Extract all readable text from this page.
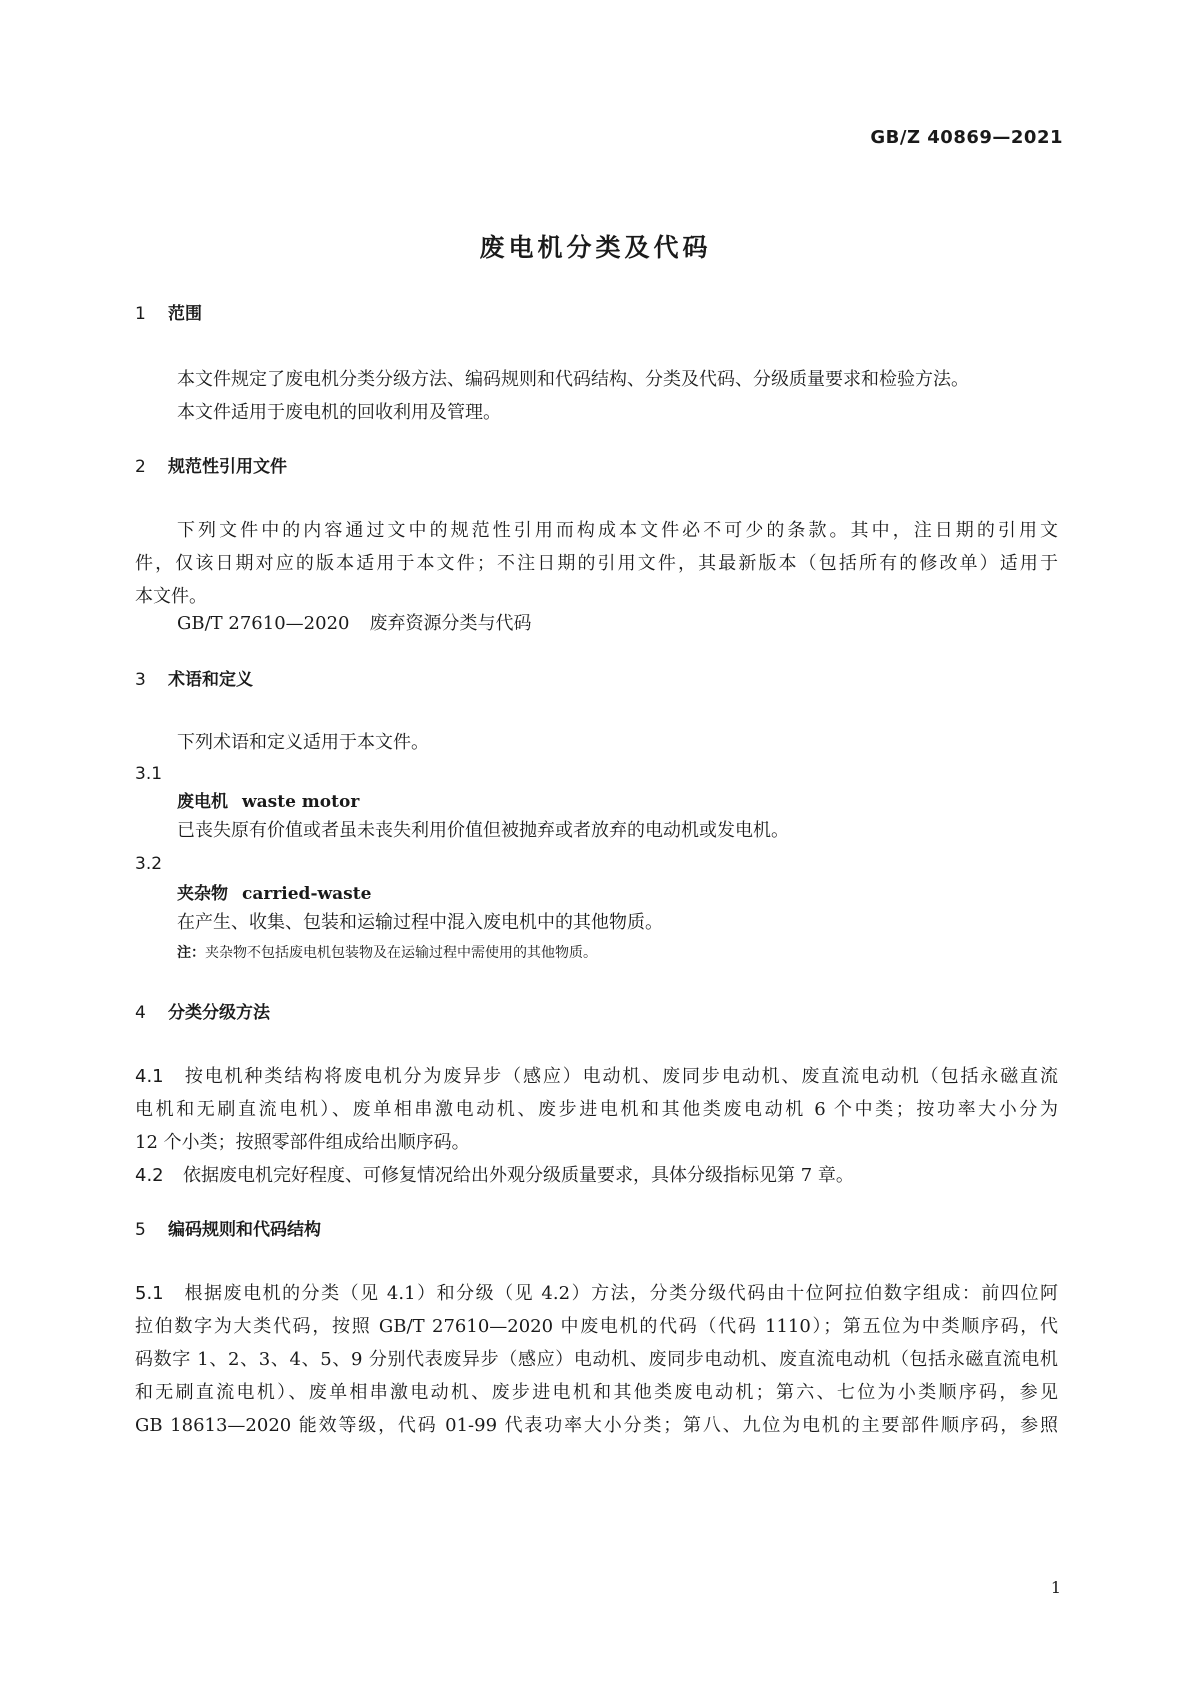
GB/Z 40869—2021
废电机分类及代码
1 范围
本文件规定了废电机分类分级方法、编码规则和代码结构、分类及代码、分级质量要求和检验方法。
本文件适用于废电机的回收利用及管理。
2 规范性引用文件
下列文件中的内容通过文中的规范性引用而构成本文件必不可少的条款。其中，注日期的引用文
件，仅该日期对应的版本适用于本文件；不注日期的引用文件，其最新版本（包括所有的修改单）适用于
本文件。
GB/T 27610—2020 废弃资源分类与代码
3 术语和定义
下列术语和定义适用于本文件。
3.1
废电机 waste motor
已丧失原有价值或者虽未丧失利用价值但被抛弃或者放弃的电动机或发电机。
3.2
夹杂物 carried-waste
在产生、收集、包装和运输过程中混入废电机中的其他物质。
注：夹杂物不包括废电机包装物及在运输过程中需使用的其他物质。
4 分类分级方法
4.1 按电机种类结构将废电机分为废异步（感应）电动机、废同步电动机、废直流电动机（包括永磁直流
电机和无刷直流电机）、废单相串激电动机、废步进电机和其他类废电动机 6 个中类；按功率大小分为
12 个小类；按照零部件组成给出顺序码。
4.2 依据废电机完好程度、可修复情况给出外观分级质量要求，具体分级指标见第 7 章。
5 编码规则和代码结构
5.1 根据废电机的分类（见 4.1）和分级（见 4.2）方法，分类分级代码由十位阿拉伯数字组成：前四位阿
拉伯数字为大类代码，按照 GB/T 27610—2020 中废电机的代码（代码 1110）；第五位为中类顺序码，代
码数字 1、2、3、4、5、9 分别代表废异步（感应）电动机、废同步电动机、废直流电动机（包括永磁直流电机
和无刷直流电机）、废单相串激电动机、废步进电机和其他类废电动机；第六、七位为小类顺序码，参见
GB 18613—2020 能效等级，代码 01-99 代表功率大小分类；第八、九位为电机的主要部件顺序码，参照
1
